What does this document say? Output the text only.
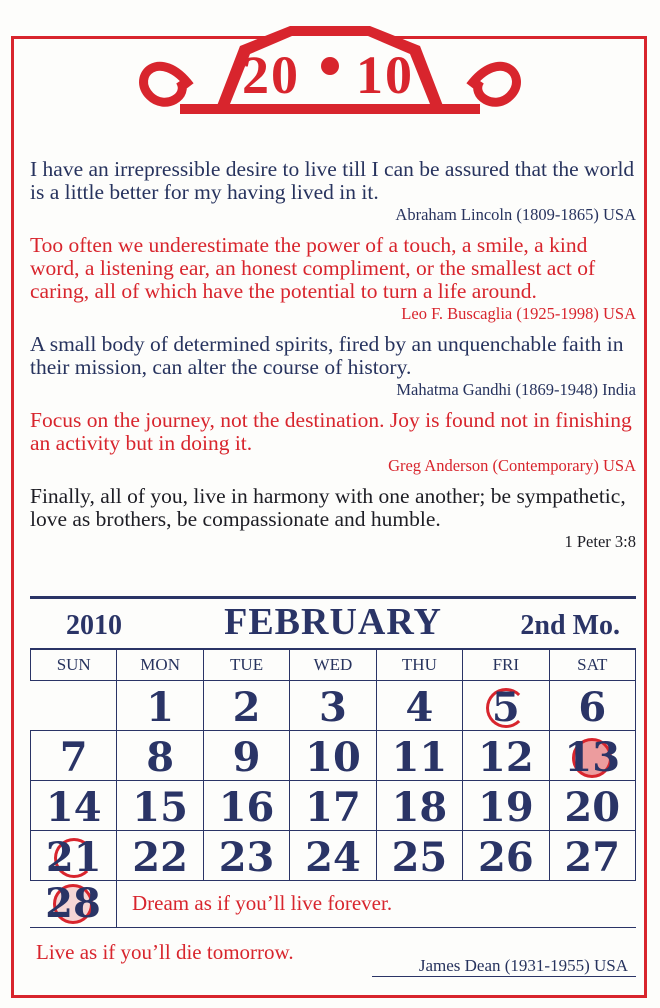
20 10
I have an irrepressible desire to live till I can be assured that the world is a little better for my having lived in it.
Abraham Lincoln (1809-1865) USA
Too often we underestimate the power of a touch, a smile, a kind word, a listening ear, an honest compliment, or the smallest act of caring, all of which have the potential to turn a life around.
Leo F. Buscaglia (1925-1998) USA
A small body of determined spirits, fired by an unquenchable faith in their mission, can alter the course of history.
Mahatma Gandhi (1869-1948) India
Focus on the journey, not the destination. Joy is found not in finishing an activity but in doing it.
Greg Anderson (Contemporary) USA
Finally, all of you, live in harmony with one another; be sympathetic, love as brothers, be compassionate and humble.
1 Peter 3:8
2010	FEBRUARY	2nd Mo.
SUN	MON	TUE	WED	THU	FRI	SAT
	1	2	3	4	5	6
7	8	9	10	11	12	13
14	15	16	17	18	19	20

21	22	23	24	25	26	27
28	Dream as if you’ll live forever.
Live as if you’ll die tomorrow.
James Dean (1931-1955) USA
